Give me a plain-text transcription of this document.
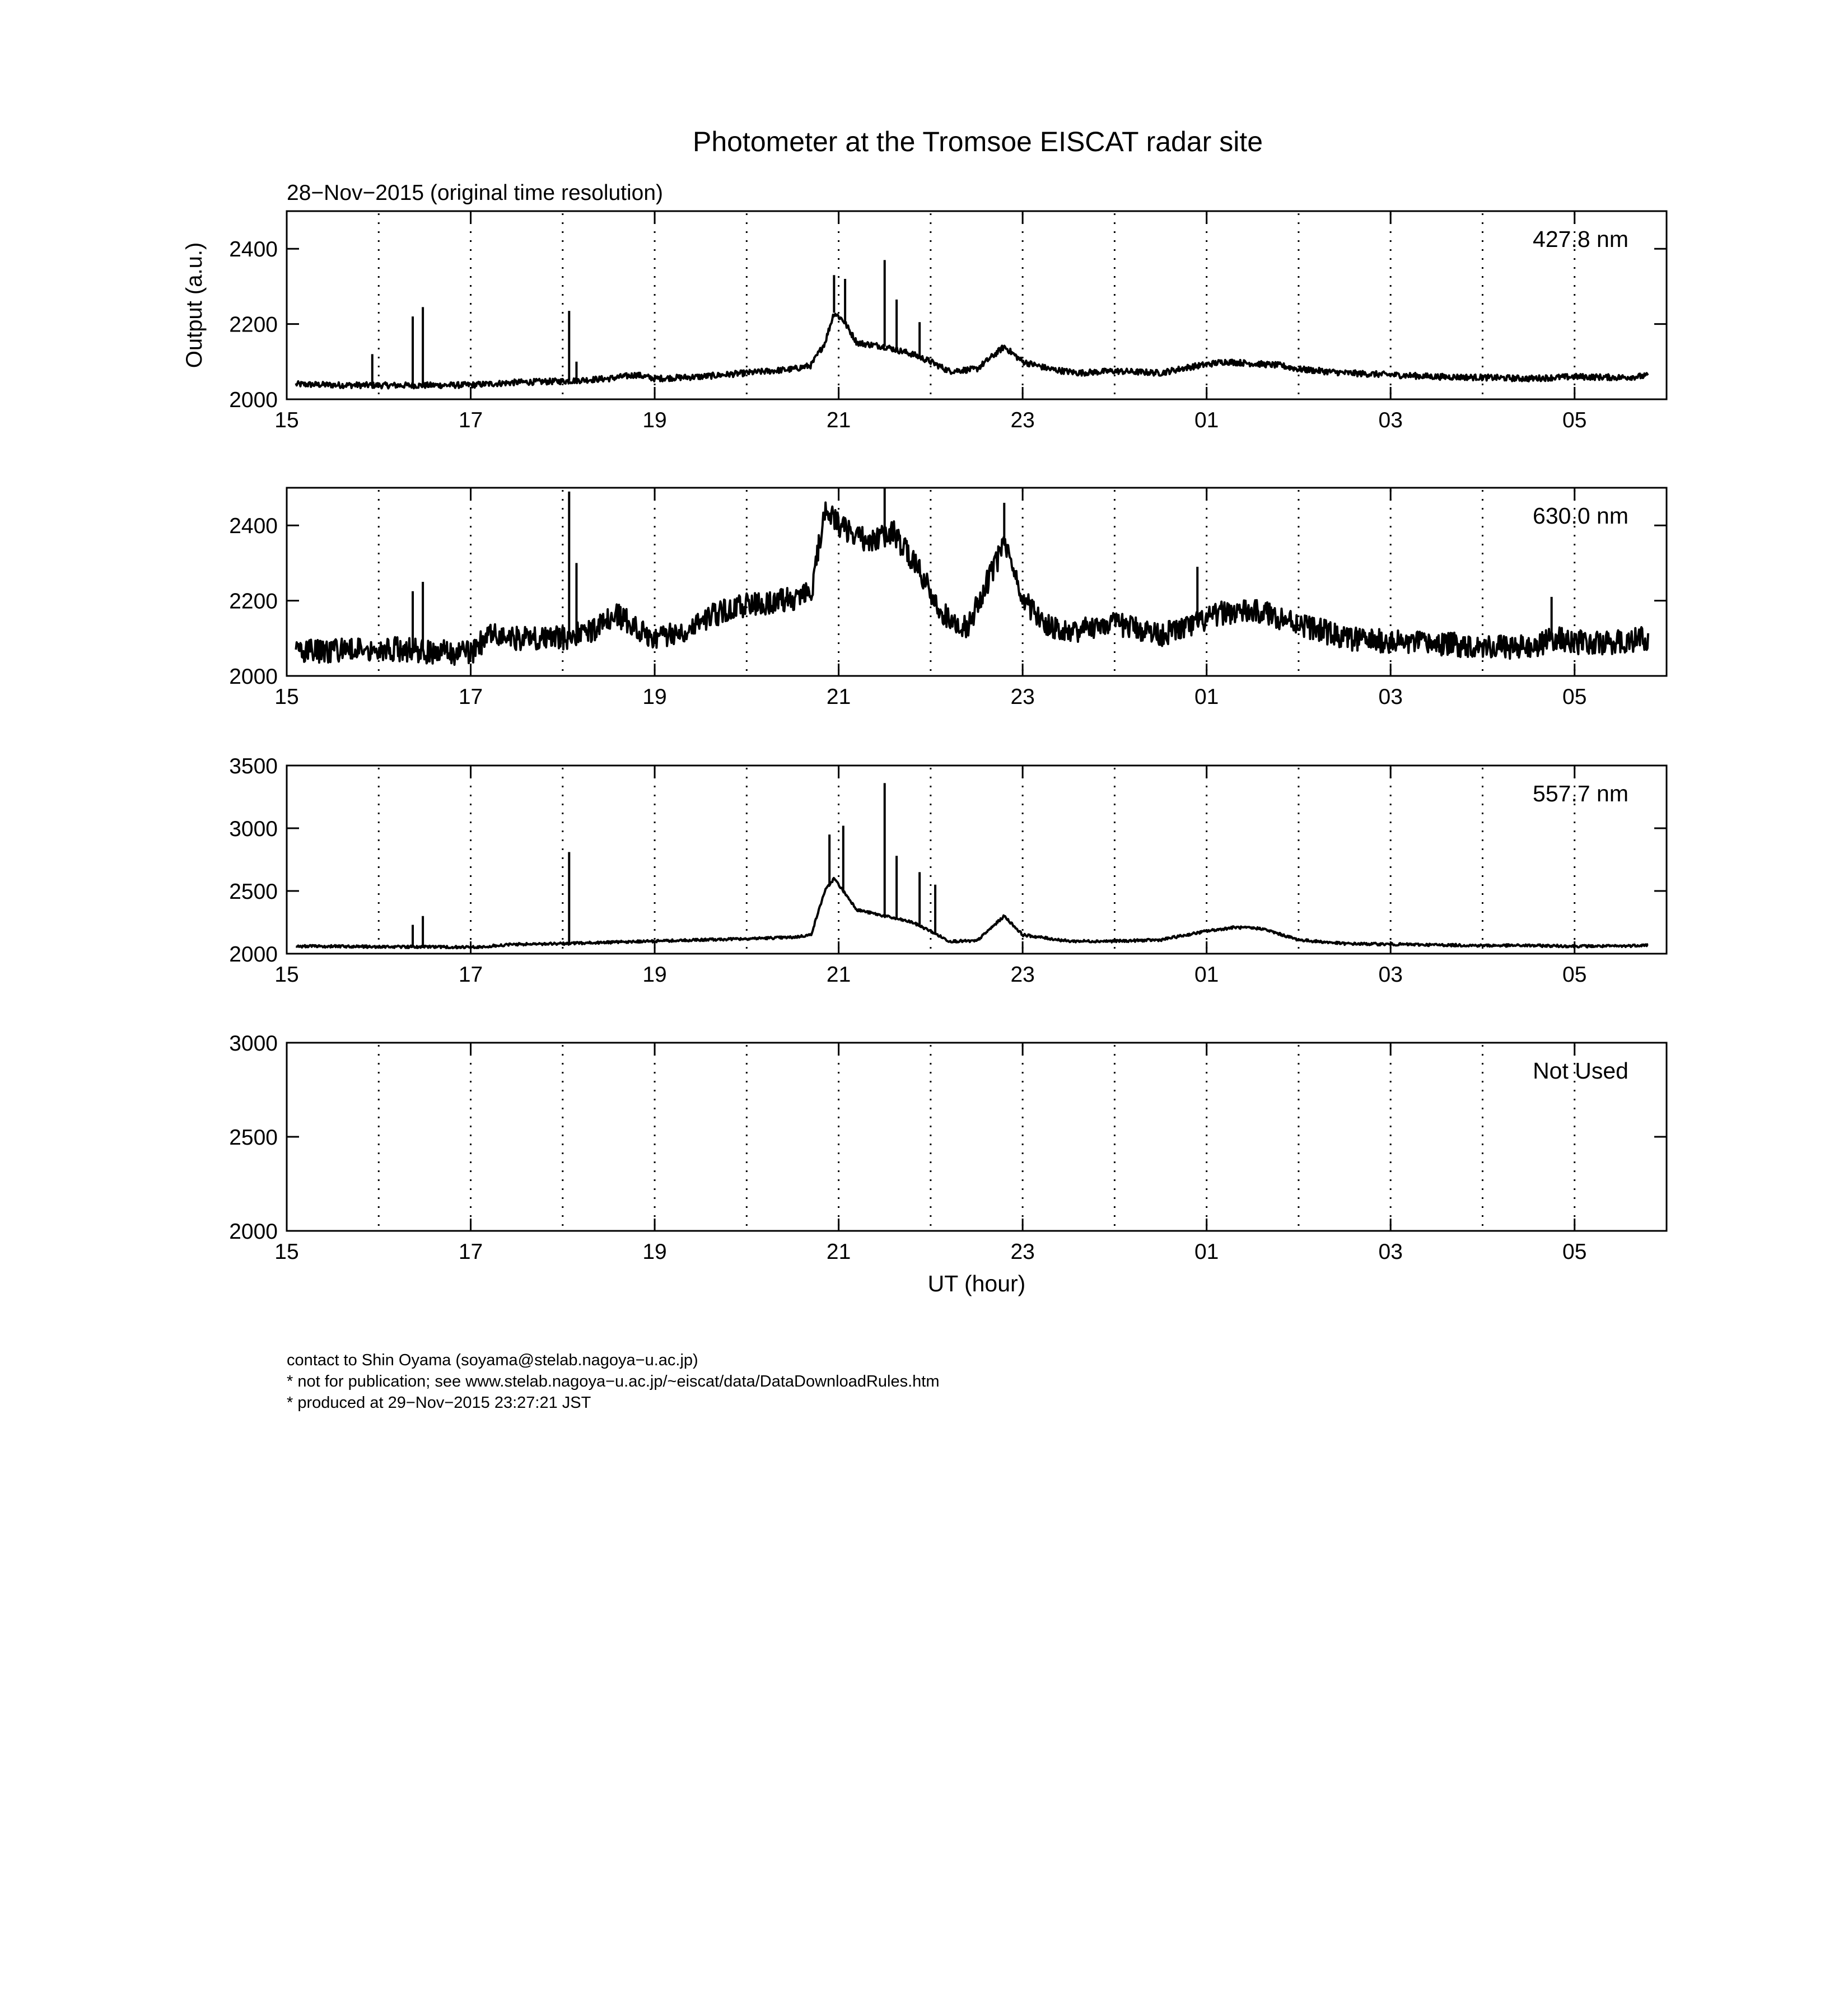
Photometer at the Tromsoe EISCAT radar site
28−Nov−2015 (original time resolution)
15	17	19	21	23	01	03	05
2000
2200
2400	427.8 nm
Output (a.u.)
15	17	19	21	23	01	03	05
2000
2200
2400	630.0 nm
15	17	19	21	23	01	03	05
2000
2500
3000
3500
557.7 nm
15	17	19	21	23	01	03	05
2000
2500
3000
Not Used
UT (hour)
contact to Shin Oyama (soyama@stelab.nagoya−u.ac.jp)
* not for publication; see www.stelab.nagoya−u.ac.jp/~eiscat/data/DataDownloadRules.htm
* produced at 29−Nov−2015 23:27:21 JST
